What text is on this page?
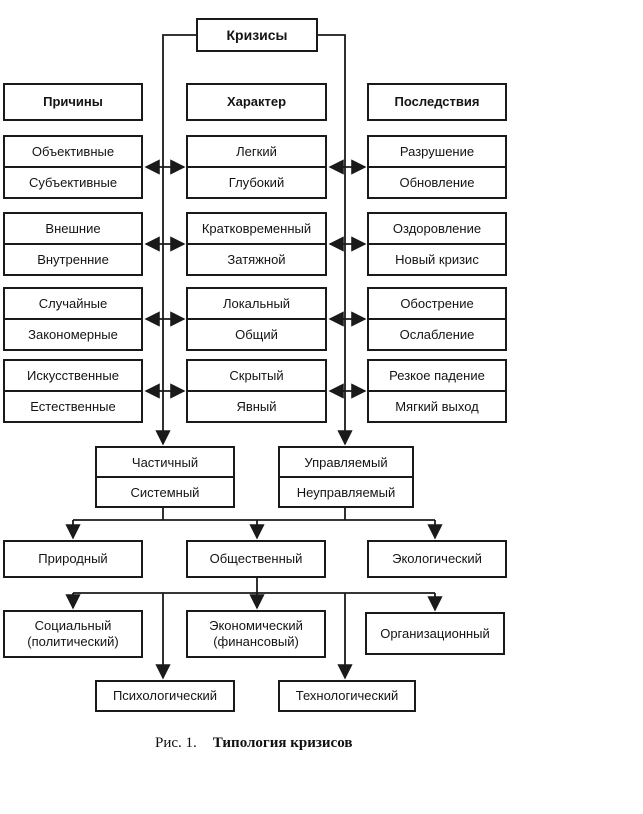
Кризисы
Причины	Характер	Последствия
Объективные
Субъективные
Внешние
Внутренние
Случайные
Закономерные
Искусственные
Естественные
Легкий
Глубокий
Кратковременный
Затяжной
Локальный
Общий
Скрытый
Явный
Разрушение
Обновление
Оздоровление
Новый кризис
Обострение
Ослабление
Резкое падение
Мягкий выход
Частичный
Системный
Управляемый
Неуправляемый
Природный	Общественный	Экологический
Социальный
(политический)
Экономический
(финансовый)
Организационный
Психологический	Технологический
Рис. 1. Типология кризисов
